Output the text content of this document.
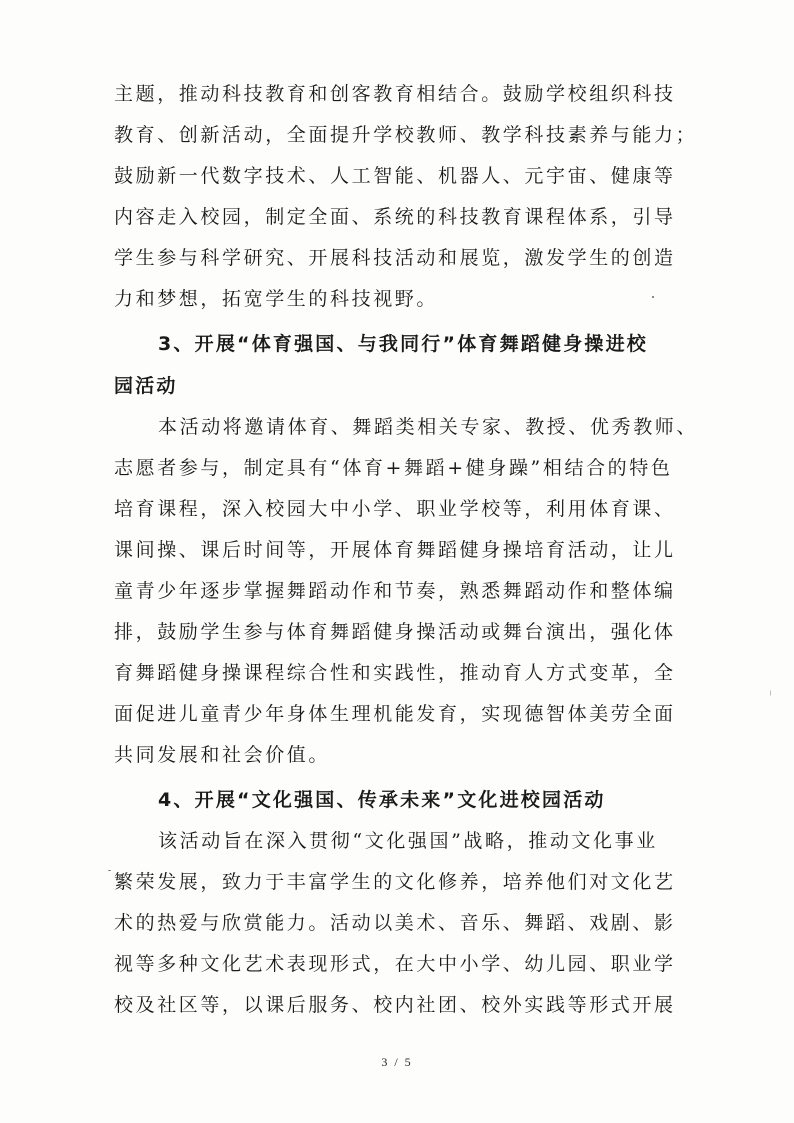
主题，推动科技教育和创客教育相结合。鼓励学校组织科技
教育、创新活动，全面提升学校教师、教学科技素养与能力；
鼓励新一代数字技术、人工智能、机器人、元宇宙、健康等
内容走入校园，制定全面、系统的科技教育课程体系，引导
学生参与科学研究、开展科技活动和展览，激发学生的创造
力和梦想，拓宽学生的科技视野。
3、开展“体育强国、与我同行”体育舞蹈健身操进校
园活动
本活动将邀请体育、舞蹈类相关专家、教授、优秀教师、
志愿者参与，制定具有“体育+舞蹈+健身躁”相结合的特色
培育课程，深入校园大中小学、职业学校等，利用体育课、
课间操、课后时间等，开展体育舞蹈健身操培育活动，让儿
童青少年逐步掌握舞蹈动作和节奏，熟悉舞蹈动作和整体编
排，鼓励学生参与体育舞蹈健身操活动或舞台演出，强化体
育舞蹈健身操课程综合性和实践性，推动育人方式变革，全
面促进儿童青少年身体生理机能发育，实现德智体美劳全面
共同发展和社会价值。
4、开展“文化强国、传承未来”文化进校园活动
该活动旨在深入贯彻“文化强国”战略，推动文化事业
繁荣发展，致力于丰富学生的文化修养，培养他们对文化艺
术的热爱与欣赏能力。活动以美术、音乐、舞蹈、戏剧、影
视等多种文化艺术表现形式，在大中小学、幼儿园、职业学
校及社区等，以课后服务、校内社团、校外实践等形式开展
3 / 5
